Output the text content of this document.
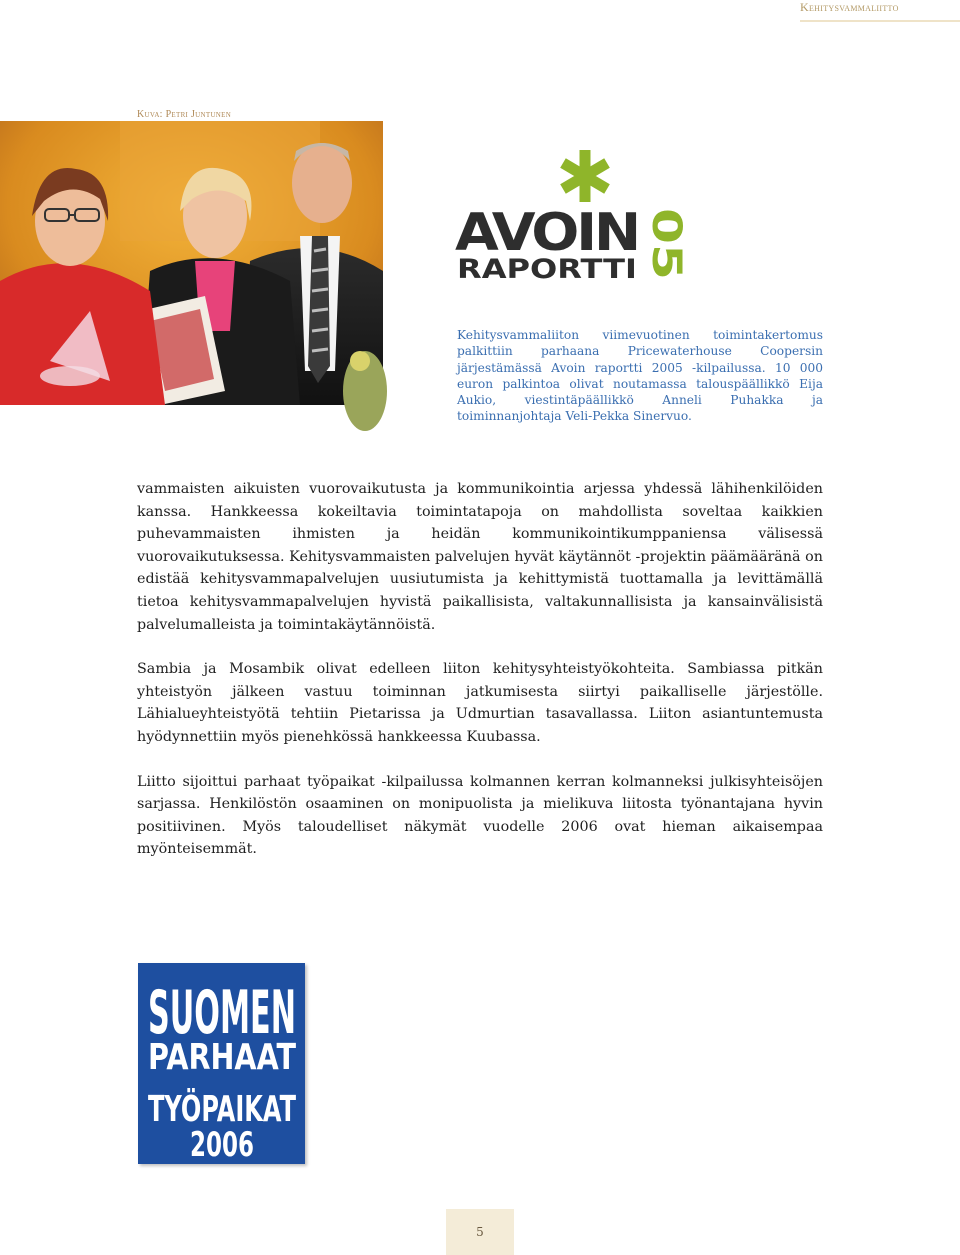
Kehitysvammaliitto
Kuva: Petri Juntunen
AVOIN
RAPORTTI
05
Kehitysvammaliiton viimevuotinen toimintakertomus palkittiin parhaana Pricewaterhouse Coopersin järjestämässä Avoin raportti 2005 -kilpailussa. 10 000 euron palkintoa olivat noutamassa talouspäällikkö Eija Aukio, viestintäpäällikkö Anneli Puhakka ja toiminnanjohtaja Veli-Pekka Sinervuo.

vammaisten aikuisten vuorovaikutusta ja kommunikointia arjessa yhdessä lähihenkilöiden kanssa. Hankkeessa kokeiltavia toimintatapoja on mahdollista soveltaa kaikkien puhevammaisten ihmisten ja heidän kommunikointikumppaniensa välisessä vuorovaikutuksessa. Kehitysvammaisten palvelujen hyvät käytännöt -projektin päämääränä on edistää kehitysvammapalvelujen uusiutumista ja kehittymistä tuottamalla ja levittämällä tietoa kehitysvammapalvelujen hyvistä paikallisista, valtakunnallisista ja kansainvälisistä palvelumalleista ja toimintakäytännöistä.

Sambia ja Mosambik olivat edelleen liiton kehitysyhteistyökohteita. Sambiassa pitkän yhteistyön jälkeen vastuu toiminnan jatkumisesta siirtyi paikalliselle järjestölle. Lähialueyhteistyötä tehtiin Pietarissa ja Udmurtian tasavallassa. Liiton asiantuntemusta hyödynnettiin myös pienehkössä hankkeessa Kuubassa.

Liitto sijoittui parhaat työpaikat -kilpailussa kolmannen kerran kolmanneksi julkisyhteisöjen sarjassa. Henkilöstön osaaminen on monipuolista ja mielikuva liitosta työnantajana hyvin positiivinen. Myös taloudelliset näkymät vuodelle 2006 ovat hieman aikaisempaa myönteisemmät.

SUOMEN
PARHAAT
TYÖPAIKAT
2006
5
